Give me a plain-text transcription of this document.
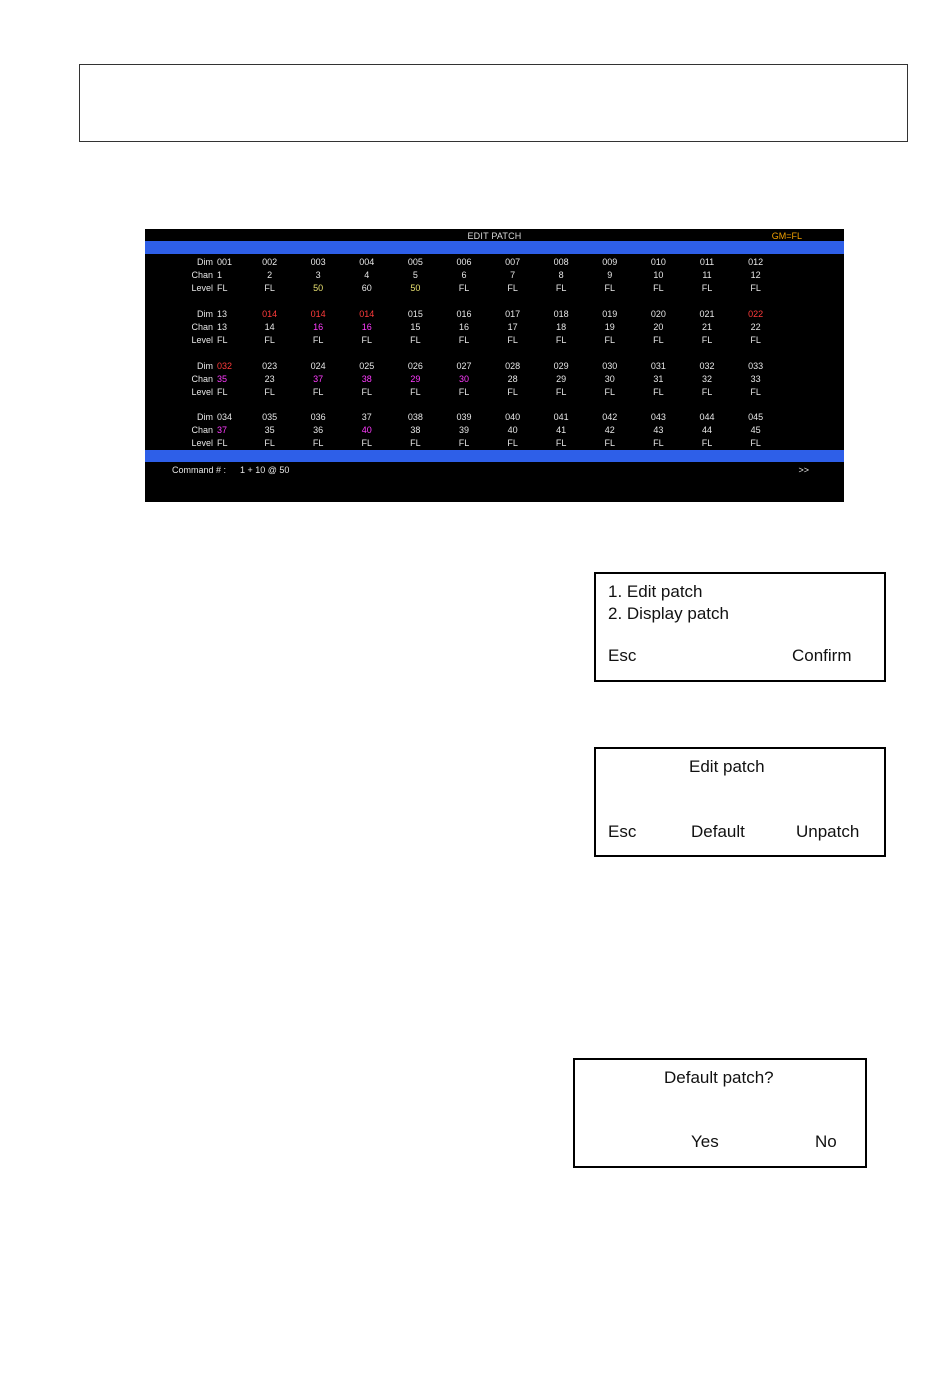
EDIT PATCH	GM=FL
Dim 001	002	003	004	005	006	007	008	009	010	011	012
Chan 1	2	3	4	5	6	7	8	9	10	11	12
Level FL	FL	50	60	50	FL	FL	FL	FL	FL	FL	FL
Dim 13	014	014	014	015	016	017	018	019	020	021	022
Chan 13	14	16	16	15	16	17	18	19	20	21	22
Level FL	FL	FL	FL	FL	FL	FL	FL	FL	FL	FL	FL
Dim 032	023	024	025	026	027	028	029	030	031	032	033
Chan 35	23	37	38	29	30	28	29	30	31	32	33
Level FL	FL	FL	FL	FL	FL	FL	FL	FL	FL	FL	FL
Dim 034	035	036	37	038	039	040	041	042	043	044	045
Chan 37	35	36	40	38	39	40	41	42	43	44	45
Level FL	FL	FL	FL	FL	FL	FL	FL	FL	FL	FL	FL
Command # : 1 + 10 @ 50	>>
1. Edit patch
2. Display patch
Esc	Confirm
Edit patch
Esc	Default	Unpatch
Default patch?
Yes	No
